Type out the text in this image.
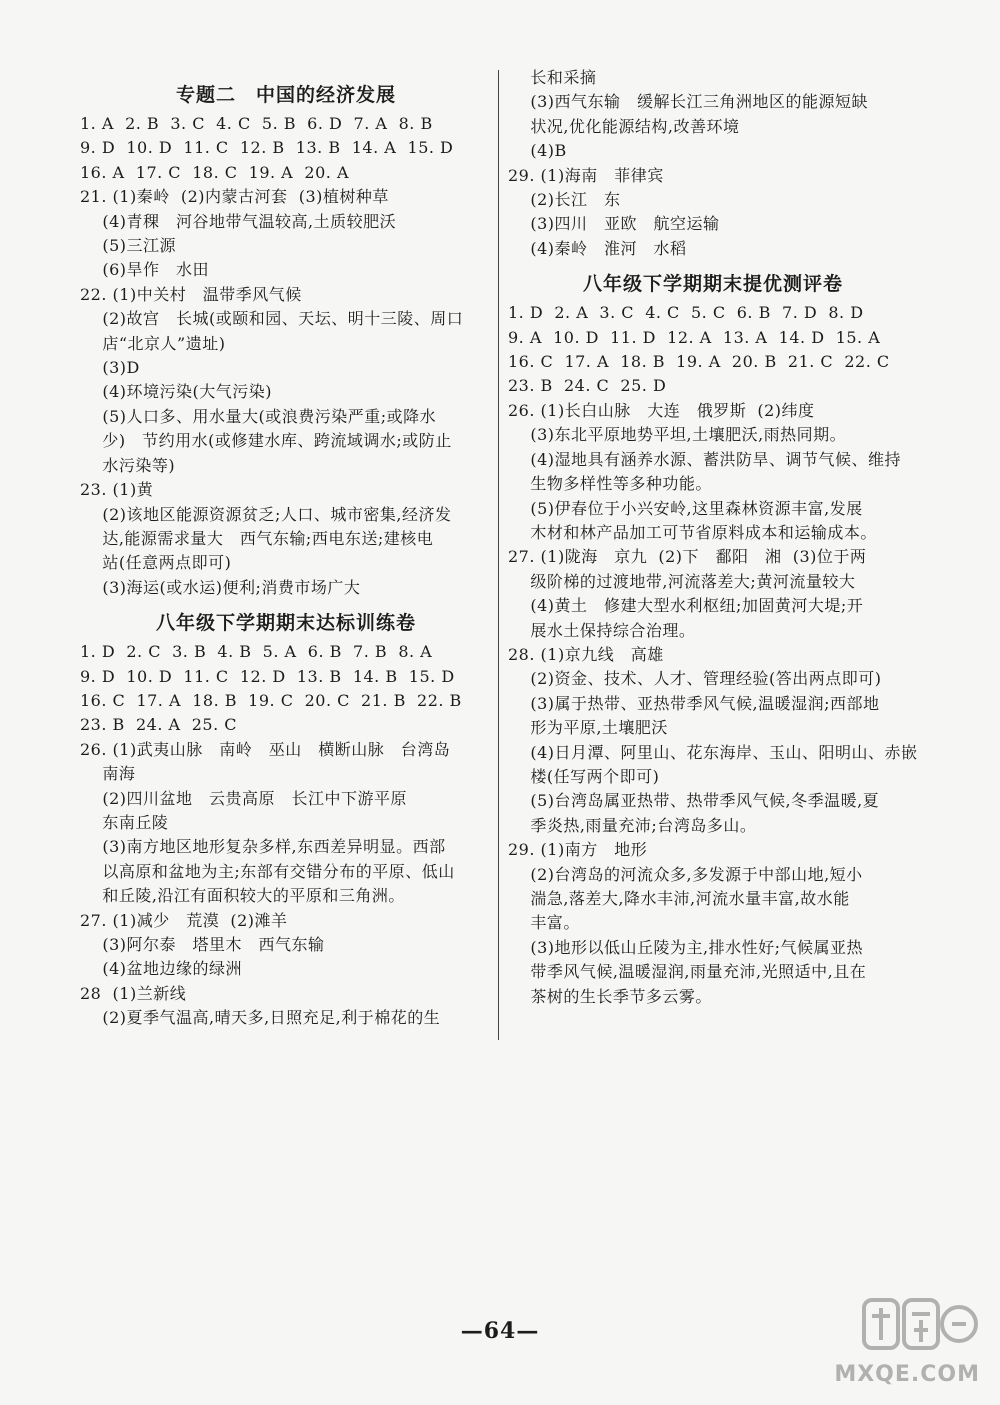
专题二　中国的经济发展
1. A  2. B  3. C  4. C  5. B  6. D  7. A  8. B
9. D  10. D  11. C  12. B  13. B  14. A  15. D
16. A  17. C  18. C  19. A  20. A
21. (1)秦岭  (2)内蒙古河套  (3)植树种草
(4)青稞　河谷地带气温较高,土质较肥沃
(5)三江源
(6)旱作　水田
22. (1)中关村　温带季风气候
(2)故宫　长城(或颐和园、天坛、明十三陵、周口
店“北京人”遗址)
(3)D
(4)环境污染(大气污染)
(5)人口多、用水量大(或浪费污染严重;或降水
少)　节约用水(或修建水库、跨流域调水;或防止
水污染等)
23. (1)黄
(2)该地区能源资源贫乏;人口、城市密集,经济发
达,能源需求量大　西气东输;西电东送;建核电
站(任意两点即可)
(3)海运(或水运)便利;消费市场广大
八年级下学期期末达标训练卷
1. D  2. C  3. B  4. B  5. A  6. B  7. B  8. A
9. D  10. D  11. C  12. D  13. B  14. B  15. D
16. C  17. A  18. B  19. C  20. C  21. B  22. B
23. B  24. A  25. C
26. (1)武夷山脉　南岭　巫山　横断山脉　台湾岛
南海
(2)四川盆地　云贵高原　长江中下游平原
东南丘陵
(3)南方地区地形复杂多样,东西差异明显。西部
以高原和盆地为主;东部有交错分布的平原、低山
和丘陵,沿江有面积较大的平原和三角洲。
27. (1)减少　荒漠  (2)滩羊
(3)阿尔泰　塔里木　西气东输
(4)盆地边缘的绿洲
28  (1)兰新线
(2)夏季气温高,晴天多,日照充足,利于棉花的生
长和采摘
(3)西气东输　缓解长江三角洲地区的能源短缺
状况,优化能源结构,改善环境
(4)B
29. (1)海南　菲律宾
(2)长江　东
(3)四川　亚欧　航空运输
(4)秦岭　淮河　水稻
八年级下学期期末提优测评卷
1. D  2. A  3. C  4. C  5. C  6. B  7. D  8. D
9. A  10. D  11. D  12. A  13. A  14. D  15. A
16. C  17. A  18. B  19. A  20. B  21. C  22. C
23. B  24. C  25. D
26. (1)长白山脉　大连　俄罗斯  (2)纬度
(3)东北平原地势平坦,土壤肥沃,雨热同期。
(4)湿地具有涵养水源、蓄洪防旱、调节气候、维持
生物多样性等多种功能。
(5)伊春位于小兴安岭,这里森林资源丰富,发展
木材和林产品加工可节省原料成本和运输成本。
27. (1)陇海　京九  (2)下　鄱阳　湘  (3)位于两
级阶梯的过渡地带,河流落差大;黄河流量较大
(4)黄土　修建大型水利枢纽;加固黄河大堤;开
展水土保持综合治理。
28. (1)京九线　高雄
(2)资金、技术、人才、管理经验(答出两点即可)
(3)属于热带、亚热带季风气候,温暖湿润;西部地
形为平原,土壤肥沃
(4)日月潭、阿里山、花东海岸、玉山、阳明山、赤嵌
楼(任写两个即可)
(5)台湾岛属亚热带、热带季风气候,冬季温暖,夏
季炎热,雨量充沛;台湾岛多山。
29. (1)南方　地形
(2)台湾岛的河流众多,多发源于中部山地,短小
湍急,落差大,降水丰沛,河流水量丰富,故水能
丰富。
(3)地形以低山丘陵为主,排水性好;气候属亚热
带季风气候,温暖湿润,雨量充沛,光照适中,且在
茶树的生长季节多云雾。
—64—
MXQE.COM
